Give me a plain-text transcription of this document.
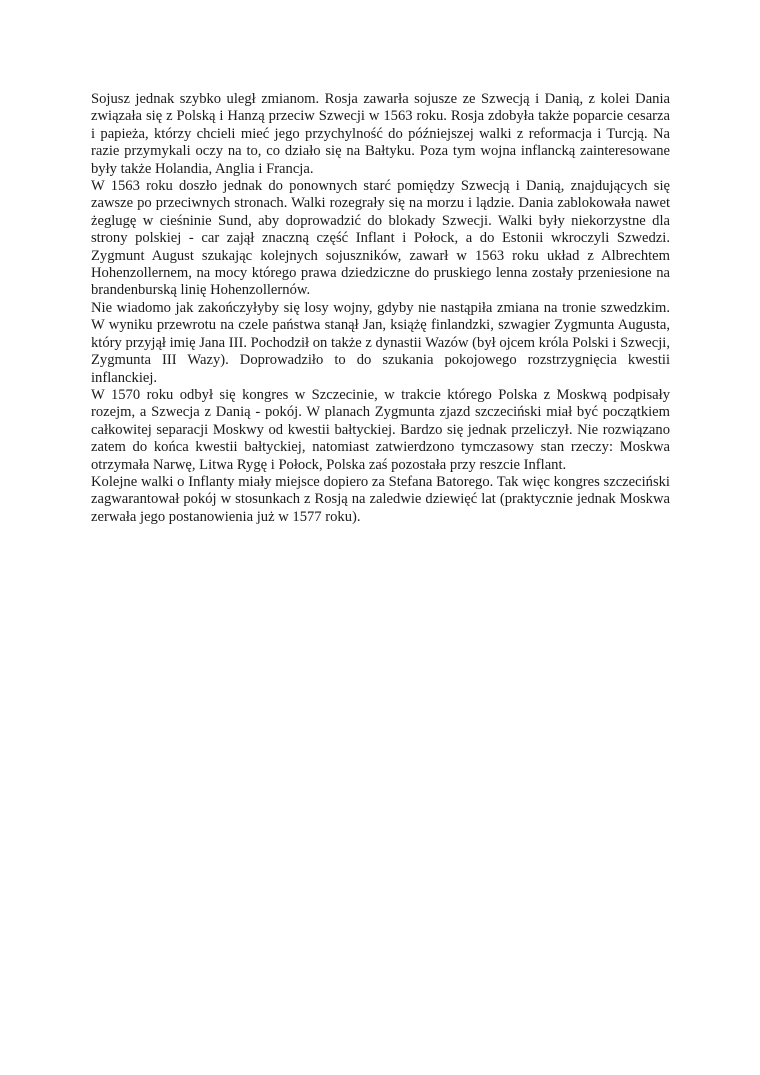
Sojusz jednak szybko uległ zmianom. Rosja zawarła sojusze ze Szwecją i Danią, z kolei Dania związała się z Polską i Hanzą przeciw Szwecji w 1563 roku. Rosja zdobyła także poparcie cesarza i papieża, którzy chcieli mieć jego przychylność do późniejszej walki z reformacja i Turcją. Na razie przymykali oczy na to, co działo się na Bałtyku. Poza tym wojna inflancką zainteresowane były także Holandia, Anglia i Francja.

W 1563 roku doszło jednak do ponownych starć pomiędzy Szwecją i Danią, znajdujących się zawsze po przeciwnych stronach. Walki rozegrały się na morzu i lądzie. Dania zablokowała nawet żeglugę w cieśninie Sund, aby doprowadzić do blokady Szwecji. Walki były niekorzystne dla strony polskiej - car zajął znaczną część Inflant i Połock, a do Estonii wkroczyli Szwedzi. Zygmunt August szukając kolejnych sojuszników, zawarł w 1563 roku układ z Albrechtem Hohenzollernem, na mocy którego prawa dziedziczne do pruskiego lenna zostały przeniesione na brandenburską linię Hohenzollernów.

Nie wiadomo jak zakończyłyby się losy wojny, gdyby nie nastąpiła zmiana na tronie szwedzkim. W wyniku przewrotu na czele państwa stanął Jan, książę finlandzki, szwagier Zygmunta Augusta, który przyjął imię Jana III. Pochodził on także z dynastii Wazów (był ojcem króla Polski i Szwecji, Zygmunta III Wazy). Doprowadziło to do szukania pokojowego rozstrzygnięcia kwestii inflanckiej.

W 1570 roku odbył się kongres w Szczecinie, w trakcie którego Polska z Moskwą podpisały rozejm, a Szwecja z Danią - pokój. W planach Zygmunta zjazd szczeciński miał być początkiem całkowitej separacji Moskwy od kwestii bałtyckiej. Bardzo się jednak przeliczył. Nie rozwiązano zatem do końca kwestii bałtyckiej, natomiast zatwierdzono tymczasowy stan rzeczy: Moskwa otrzymała Narwę, Litwa Rygę i Połock, Polska zaś pozostała przy reszcie Inflant.

Kolejne walki o Inflanty miały miejsce dopiero za Stefana Batorego. Tak więc kongres szczeciński zagwarantował pokój w stosunkach z Rosją na zaledwie dziewięć lat (praktycznie jednak Moskwa zerwała jego postanowienia już w 1577 roku).
